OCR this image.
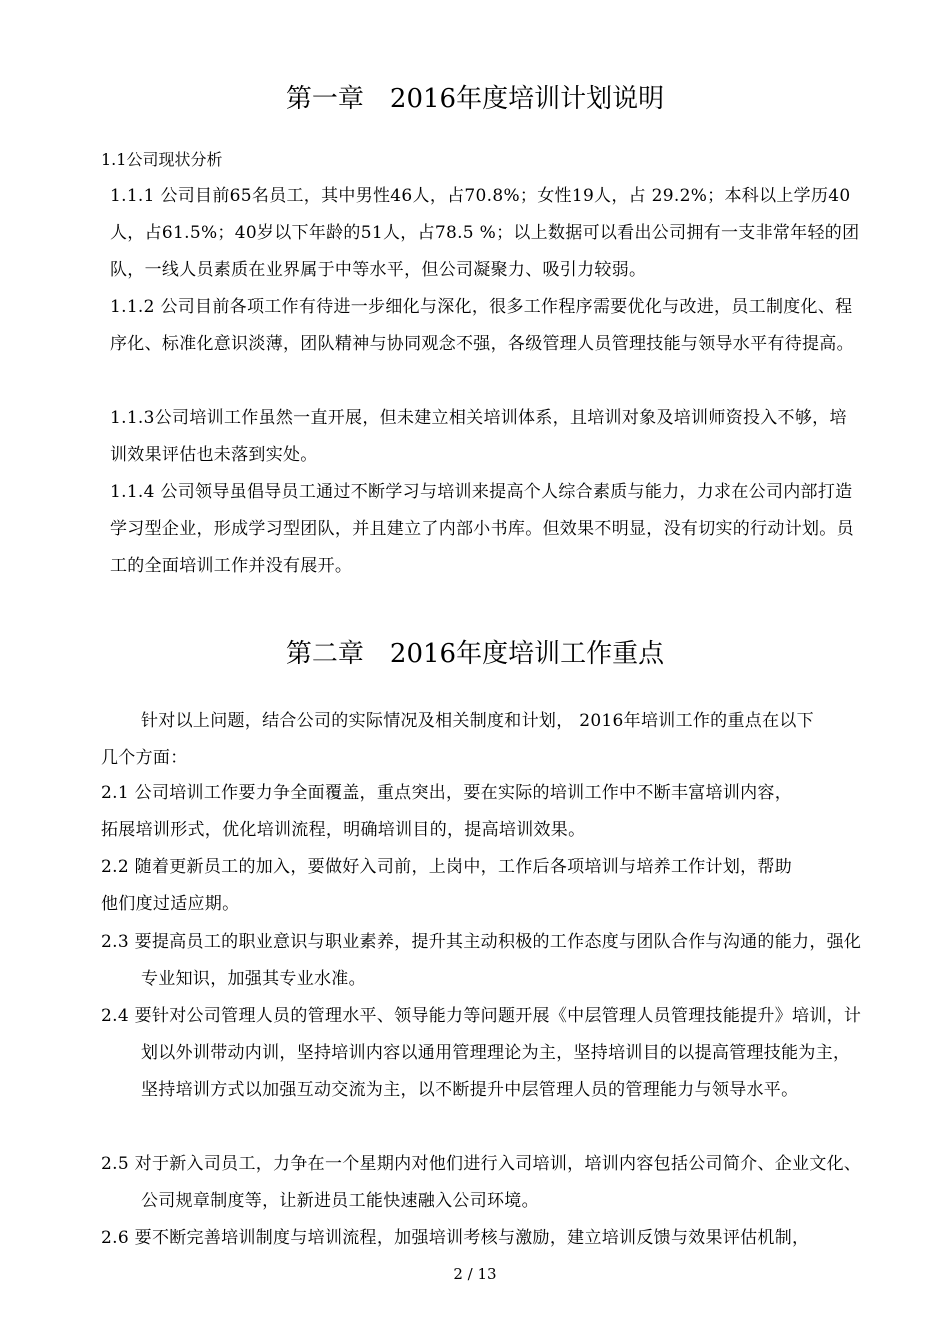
第一章　2016年度培训计划说明

1.1公司现状分析

1.1.1 公司目前65名员工，其中男性46人，占70.8%；女性19人，占 29.2%；本科以上学历40人，占61.5%；40岁以下年龄的51人，占78.5 %；以上数据可以看出公司拥有一支非常年轻的团队，一线人员素质在业界属于中等水平，但公司凝聚力、吸引力较弱。

1.1.2 公司目前各项工作有待进一步细化与深化，很多工作程序需要优化与改进，员工制度化、程序化、标准化意识淡薄，团队精神与协同观念不强，各级管理人员管理技能与领导水平有待提高。

1.1.3公司培训工作虽然一直开展，但未建立相关培训体系，且培训对象及培训师资投入不够，培训效果评估也未落到实处。

1.1.4 公司领导虽倡导员工通过不断学习与培训来提高个人综合素质与能力，力求在公司内部打造学习型企业，形成学习型团队，并且建立了内部小书库。但效果不明显，没有切实的行动计划。员工的全面培训工作并没有展开。

第二章　2016年度培训工作重点

针对以上问题，结合公司的实际情况及相关制度和计划， 2016年培训工作的重点在以下几个方面：

2.1 公司培训工作要力争全面覆盖，重点突出，要在实际的培训工作中不断丰富培训内容，拓展培训形式，优化培训流程，明确培训目的，提高培训效果。

2.2 随着更新员工的加入，要做好入司前，上岗中，工作后各项培训与培养工作计划，帮助他们度过适应期。

2.3 要提高员工的职业意识与职业素养，提升其主动积极的工作态度与团队合作与沟通的能力，强化专业知识，加强其专业水准。

2.4 要针对公司管理人员的管理水平、领导能力等问题开展《中层管理人员管理技能提升》培训，计划以外训带动内训，坚持培训内容以通用管理理论为主，坚持培训目的以提高管理技能为主，坚持培训方式以加强互动交流为主，以不断提升中层管理人员的管理能力与领导水平。

2.5 对于新入司员工，力争在一个星期内对他们进行入司培训，培训内容包括公司简介、企业文化、公司规章制度等，让新进员工能快速融入公司环境。

2.6 要不断完善培训制度与培训流程，加强培训考核与激励，建立培训反馈与效果评估机制，

2 / 13
